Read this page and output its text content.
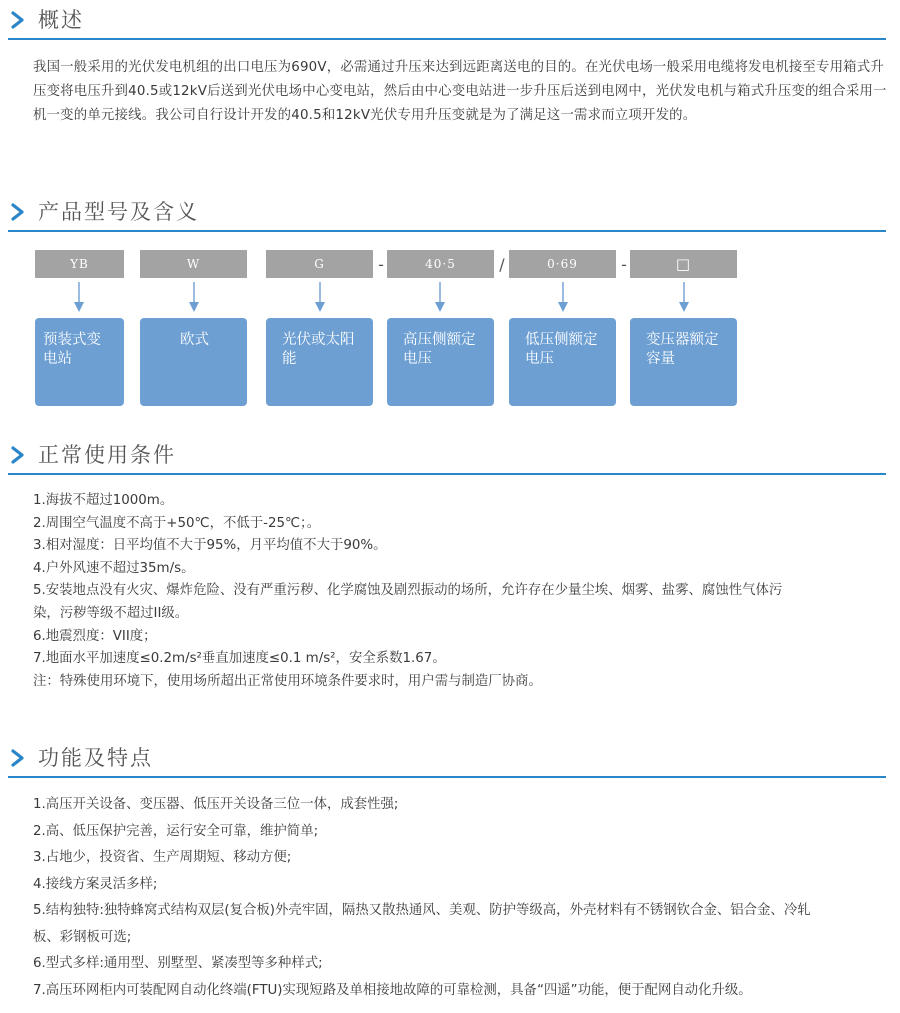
概述

我国一般采用的光伏发电机组的出口电压为690V，必需通过升压来达到远距离送电的目的。在光伏电场一般采用电缆将发电机接至专用箱式升压变将电压升到40.5或12kV后送到光伏电场中心变电站，然后由中心变电站进一步升压后送到电网中，光伏发电机与箱式升压变的组合采用一机一变的单元接线。我公司自行设计开发的40.5和12kV光伏专用升压变就是为了满足这一需求而立项开发的。

产品型号及含义
YB	W	G	-	40·5	/	0·69	-	□
预装式变电站
欧式	光伏或太阳能
高压侧额定电压
低压侧额定电压
变压器额定容量
正常使用条件
1.海拔不超过1000m。
2.周围空气温度不高于+50℃，不低于-25℃；。
3.相对湿度：日平均值不大于95%，月平均值不大于90%。
4.户外风速不超过35m/s。
5.安装地点没有火灾、爆炸危险、没有严重污秽、化学腐蚀及剧烈振动的场所，允许存在少量尘埃、烟雾、盐雾、腐蚀性气体污
染，污秽等级不超过II级。
6.地震烈度：VII度；
7.地面水平加速度≤0.2m/s²垂直加速度≤0.1 m/s²，安全系数1.67。
注：特殊使用环境下，使用场所超出正常使用环境条件要求时，用户需与制造厂协商。
功能及特点
1.高压开关设备、变压器、低压开关设备三位一体，成套性强;
2.高、低压保护完善，运行安全可靠，维护简单;
3.占地少，投资省、生产周期短、移动方便;
4.接线方案灵活多样;
5.结构独特:独特蜂窝式结构双层(复合板)外壳牢固，隔热又散热通风、美观、防护等级高，外壳材料有不锈钢钦合金、铝合金、冷轧
板、彩钢板可选;
6.型式多样:通用型、别墅型、紧凑型等多种样式;
7.高压环网柜内可装配网自动化终端(FTU)实现短路及单相接地故障的可靠检测，具备“四遥”功能，便于配网自动化升级。
